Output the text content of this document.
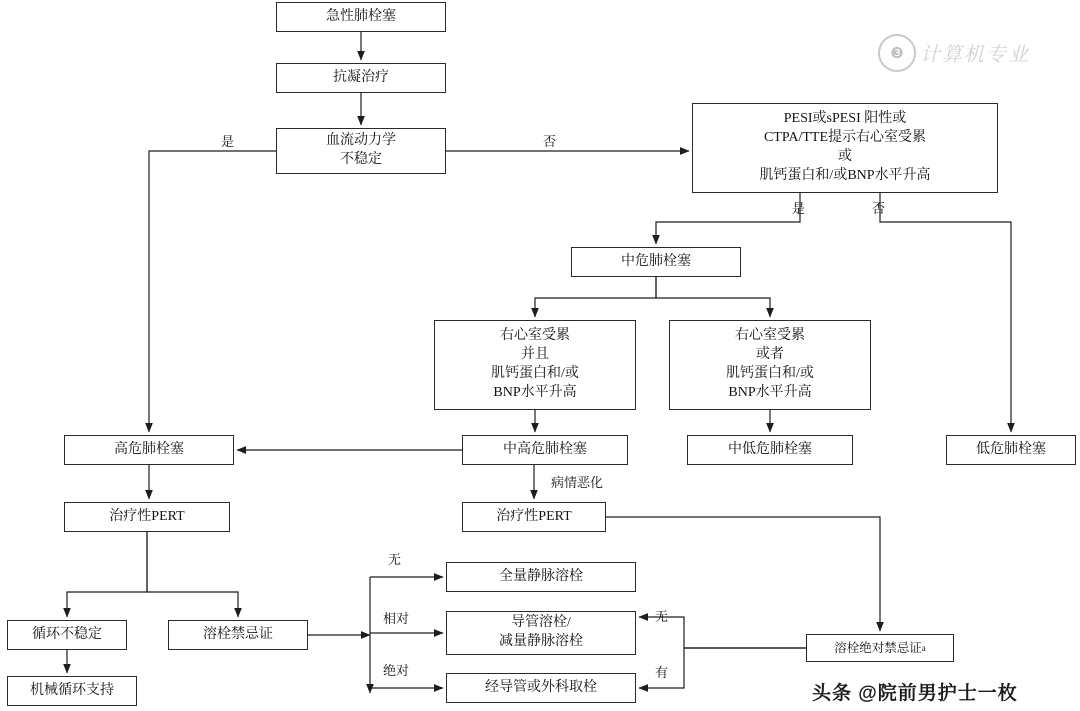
急性肺栓塞
抗凝治疗
血流动力学
不稳定
PESI或sPESI 阳性或
CTPA/TTE提示右心室受累
或
肌钙蛋白和/或BNP水平升高
中危肺栓塞
右心室受累
并且
肌钙蛋白和/或
BNP水平升高
右心室受累
或者
肌钙蛋白和/或
BNP水平升高
高危肺栓塞	中高危肺栓塞	中低危肺栓塞	低危肺栓塞
治疗性PERT	治疗性PERT
循环不稳定	溶栓禁忌证
机械循环支持
全量静脉溶栓
导管溶栓/
减量静脉溶栓
经导管或外科取栓
溶栓绝对禁忌证 a
是	否
是	否
病情恶化
无
相对
绝对
无
有
❸ 计算机专业
头条 @院前男护士一枚
